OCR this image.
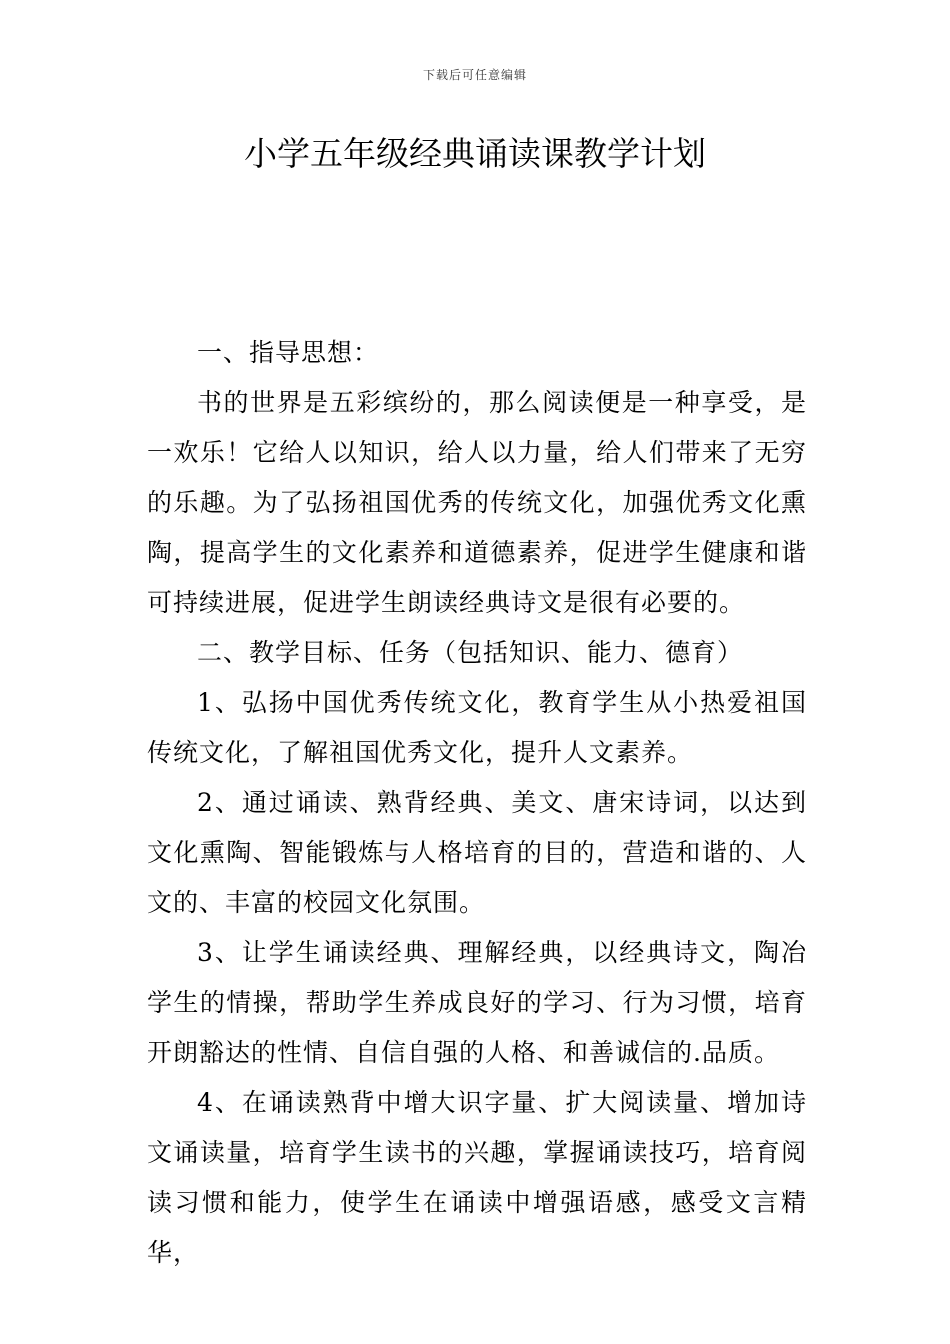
下载后可任意编辑
小学五年级经典诵读课教学计划

一、指导思想：

书的世界是五彩缤纷的，那么阅读便是一种享受，是一欢乐！它给人以知识，给人以力量，给人们带来了无穷的乐趣。为了弘扬祖国优秀的传统文化，加强优秀文化熏陶，提高学生的文化素养和道德素养，促进学生健康和谐可持续进展，促进学生朗读经典诗文是很有必要的。

二、教学目标、任务（包括知识、能力、德育）

1、弘扬中国优秀传统文化，教育学生从小热爱祖国传统文化，了解祖国优秀文化，提升人文素养。

2、通过诵读、熟背经典、美文、唐宋诗词，以达到文化熏陶、智能锻炼与人格培育的目的，营造和谐的、人文的、丰富的校园文化氛围。

3、让学生诵读经典、理解经典，以经典诗文，陶冶学生的情操，帮助学生养成良好的学习、行为习惯，培育开朗豁达的性情、自信自强的人格、和善诚信的.品质。

4、在诵读熟背中增大识字量、扩大阅读量、增加诗文诵读量，培育学生读书的兴趣，掌握诵读技巧，培育阅读习惯和能力，使学生在诵读中增强语感，感受文言精华，
